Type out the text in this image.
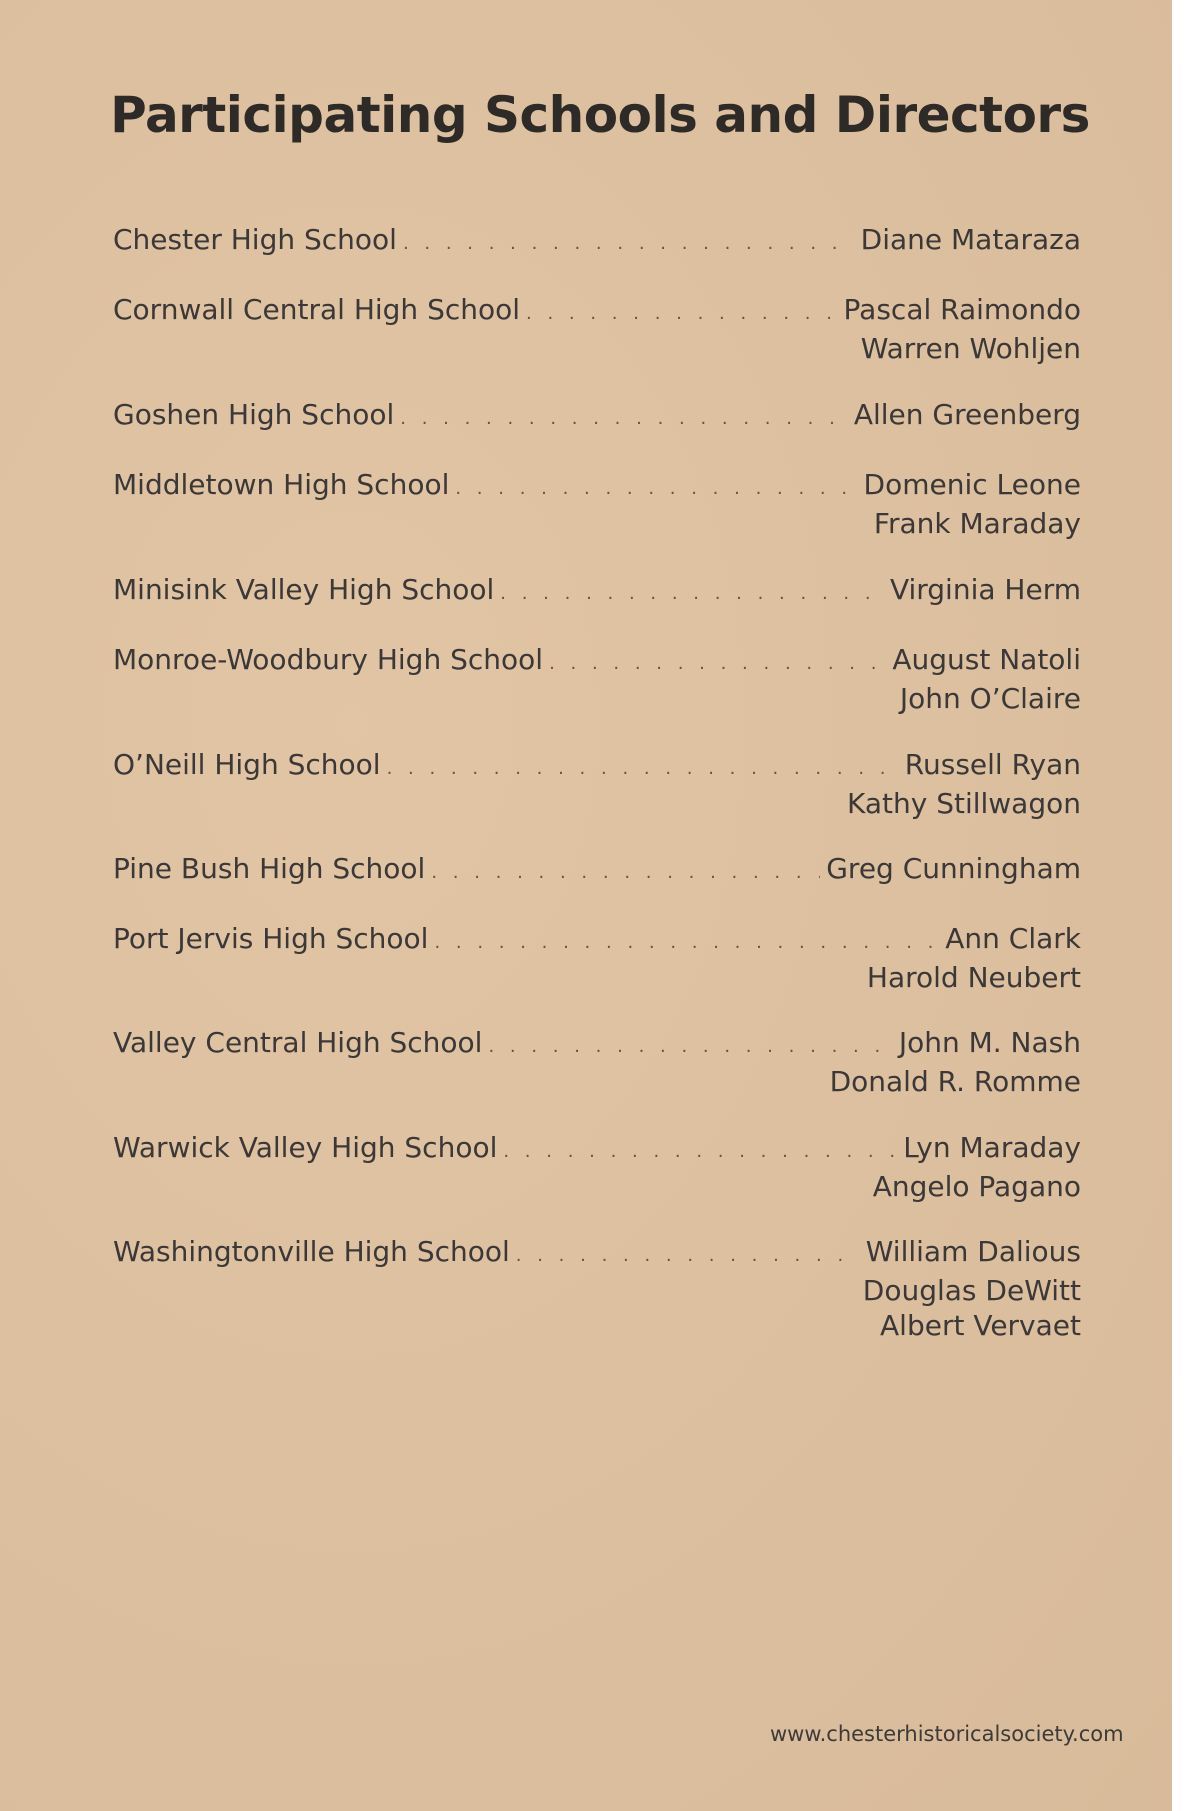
Participating Schools and Directors
Chester High School . . .	Diane Mataraza
Cornwall Central High School . . .	Pascal Raimondo
Warren Wohljen
Goshen High School . . .	Allen Greenberg
Middletown High School . . .	Domenic Leone
Frank Maraday
Minisink Valley High School . . .	Virginia Herm
Monroe-Woodbury High School . . .	August Natoli
John O’Claire
O’Neill High School . . .	Russell Ryan
Kathy Stillwagon
Pine Bush High School . . .	Greg Cunningham
Port Jervis High School . . .	Ann Clark
Harold Neubert
Valley Central High School . . .	John M. Nash
Donald R. Romme
Warwick Valley High School . . .	Lyn Maraday
Angelo Pagano
Washingtonville High School . . .	William Dalious
Douglas DeWitt
Albert Vervaet
www.chesterhistoricalsociety.com
